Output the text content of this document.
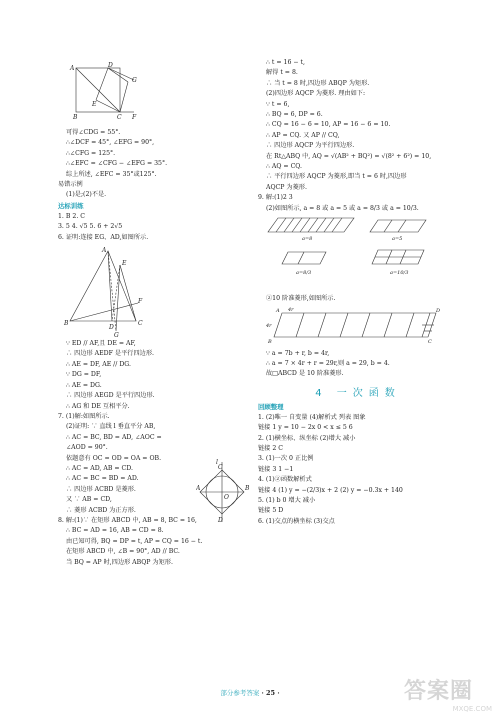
A	D
G
E
B	C F
可得∠CDG = 55°.
∴∠DCF = 45°, ∠EFG = 90°,
∴∠CFG = 125°.
∴∠EFC = ∠CFG − ∠EFG = 35°.
综上所述, ∠EFC = 35°或125°.
易错示例
(1)是;(2)不是.
达标训练
1. B 2. C
3. 5 4. √5 5. 6 + 2√5
6. 证明:连接 EG、AD,如图所示.
A
E
F
B
D
C
G
∵ ED // AF,且 DE = AF,
∴ 四边形 AEDF 是平行四边形.
∴ AE = DF, AE // DG.
∵ DG = DF,
∴ AE = DG.
∴ 四边形 AEGD 是平行四边形.
∴ AG 和 DE 互相平分.
7. (1)解:如图所示.
(2)证明: ∵ 直线 l 垂直平分 AB,
∴ AC = BC, BD = AD, ∠AOC =
∠AOD = 90°.
依题意有 OC = OD = OA = OB.
∴ AC = AD, AB = CD.
∴ AC = BC = BD = AD.
∴ 四边形 ACBD 是菱形.
又 ∵ AB = CD,
∴ 菱形 ACBD 为正方形.
8. 解:(1)∵ 在矩形 ABCD 中, AB = 8, BC = 16,
∴ BC = AD = 16, AB = CD = 8.
由已知可得, BQ = DP = t, AP = CQ = 16 − t.
在矩形 ABCD 中, ∠B = 90°, AD // BC.
当 BQ = AP 时,四边形 ABQP 为矩形.
l
C
A	B
O
D
∴ t = 16 − t,
解得 t = 8.
∴ 当 t = 8 时,四边形 ABQP 为矩形.
(2)四边形 AQCP 为菱形. 理由如下:
∵ t = 6,
∴ BQ = 6, DP = 6.
∴ CQ = 16 − 6 = 10, AP = 16 − 6 = 10.
∴ AP = CQ. 又 AP // CQ,
∴ 四边形 AQCP 为平行四边形.
在 Rt△ABQ 中, AQ = √(AB² + BQ²) = √(8² + 6²) = 10,
∴ AQ = CQ.
∴ 平行四边形 AQCP 为菱形,即当 t = 6 时,四边形
AQCP 为菱形.
9. 解:(1)2 3
(2)如图所示, a = 8 或 a = 5 或 a = 8/3 或 a = 10/3.
a=8	a=5
a=8/3	a=10/3
②10 阶准菱形,如图所示.
A	D
B	C
4r
4r
∵ a = 7b + r, b = 4r,
∴ a = 7 × 4r + r = 29r,则 a = 29, b = 4.
故□ABCD 是 10 阶准菱形.
4 一次函数
回顾整理
1. (2)唯一 自变量 (4)解析式 列表 图象
链接 1 y = 10 − 2x 0 < x ≤ 5 6
2. (1)横坐标、纵坐标 (2)增大 减小
链接 2 C
3. (1)一次 0 正比例
链接 3 1 −1
4. (1)②函数解析式
链接 4 (1) y = −(2/3)x + 2 (2) y = −0.3x + 140
5. (1) b 0 增大 减小
链接 5 D
6. (1)交点的横坐标 (3)交点
部分参考答案 · 25 ·	答案圈
MXQE.COM
